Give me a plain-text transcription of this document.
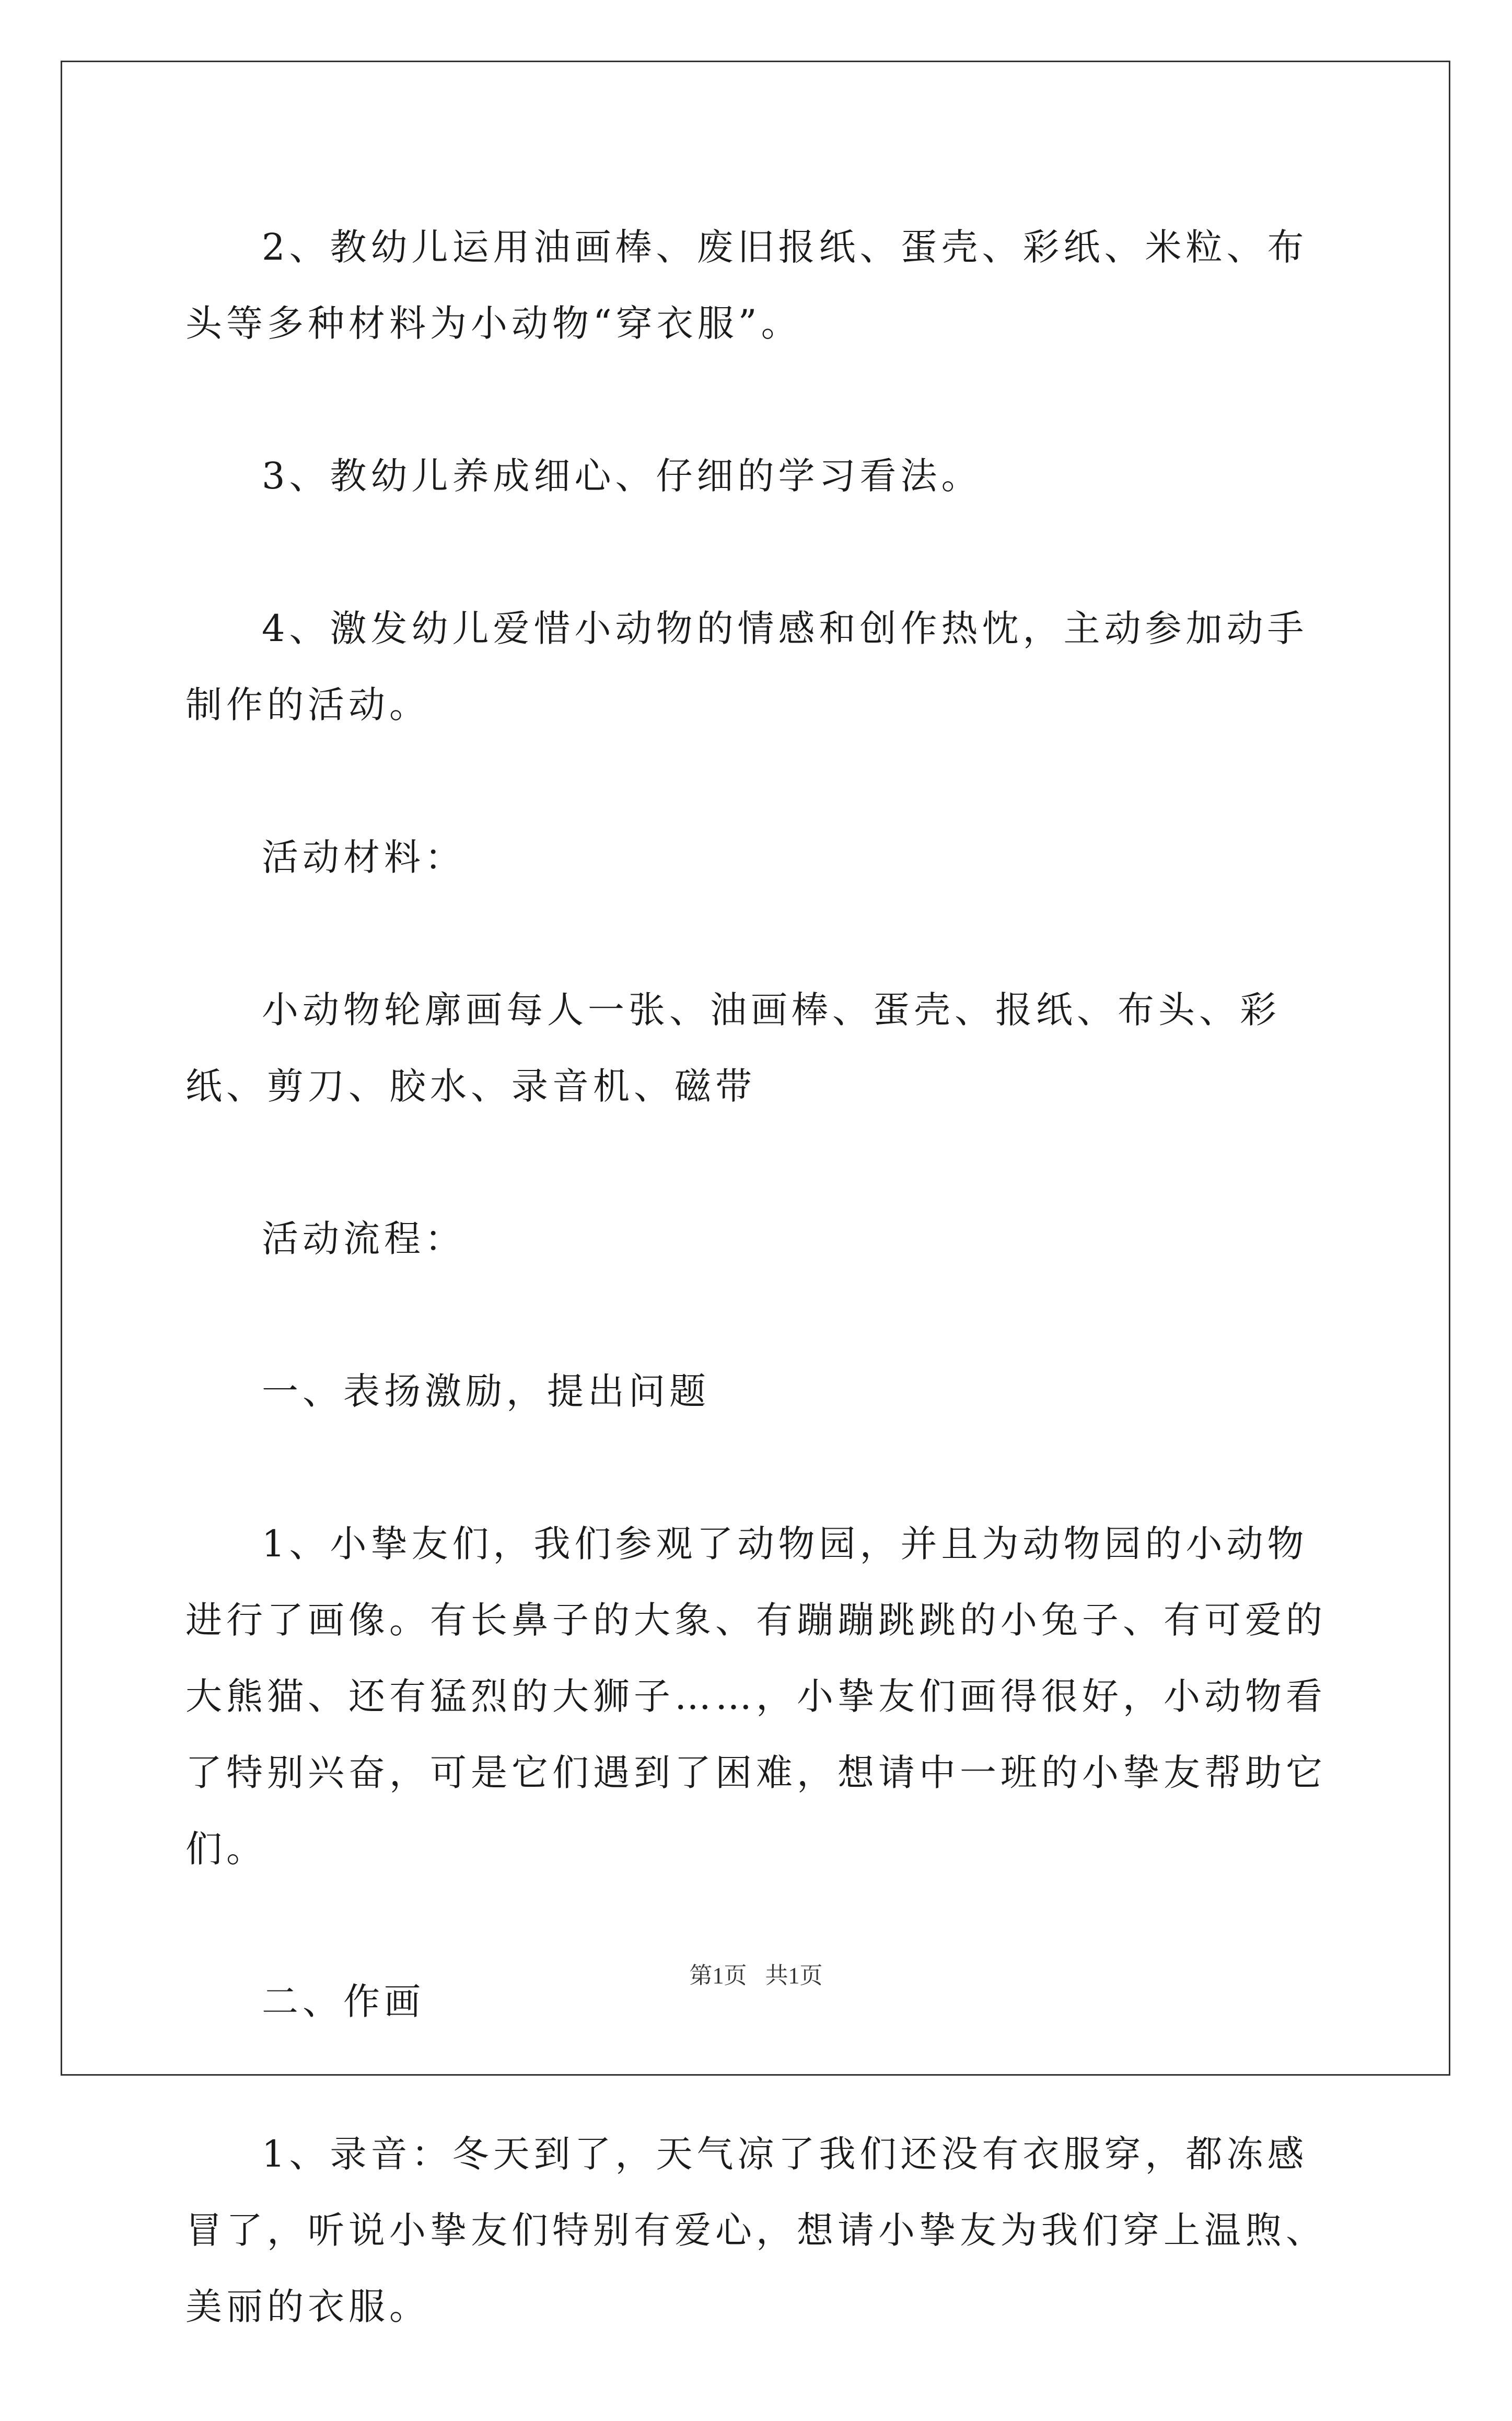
2、教幼儿运用油画棒、废旧报纸、蛋壳、彩纸、米粒、布头等多种材料为小动物“穿衣服”。

3、教幼儿养成细心、仔细的学习看法。

4、激发幼儿爱惜小动物的情感和创作热忱，主动参加动手制作的活动。

活动材料：

小动物轮廓画每人一张、油画棒、蛋壳、报纸、布头、彩纸、剪刀、胶水、录音机、磁带

活动流程：

一、表扬激励，提出问题

1、小挚友们，我们参观了动物园，并且为动物园的小动物进行了画像。有长鼻子的大象、有蹦蹦跳跳的小兔子、有可爱的大熊猫、还有猛烈的大狮子……，小挚友们画得很好，小动物看了特别兴奋，可是它们遇到了困难，想请中一班的小挚友帮助它们。

二、作画

1、录音：冬天到了，天气凉了我们还没有衣服穿，都冻感冒了，听说小挚友们特别有爱心，想请小挚友为我们穿上温煦、美丽的衣服。

第1页 共1页
